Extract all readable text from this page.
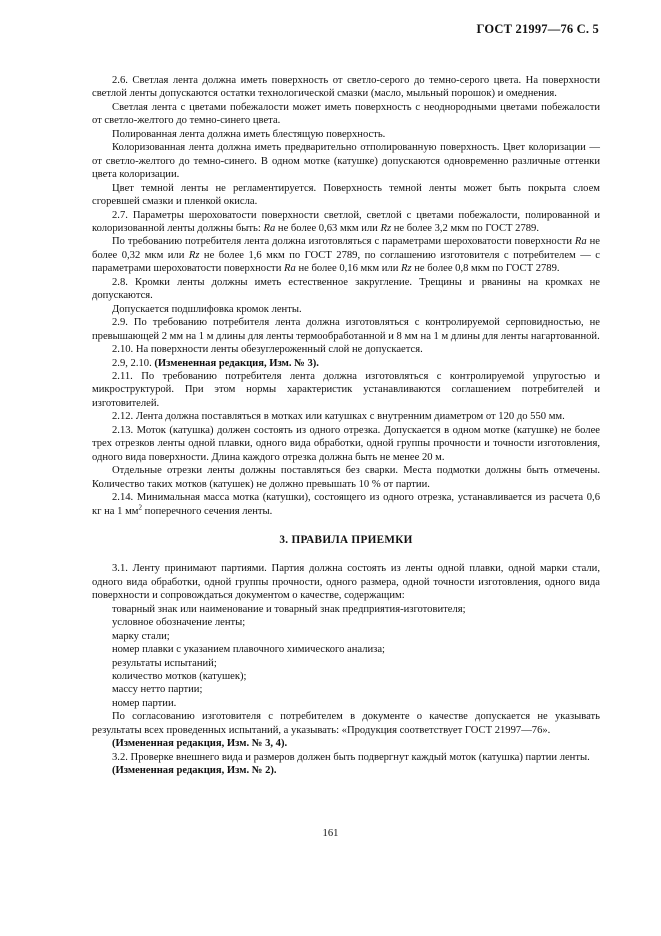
ГОСТ 21997—76 С. 5

2.6. Светлая лента должна иметь поверхность от светло-серого до темно-серого цвета. На поверхности светлой ленты допускаются остатки технологической смазки (масло, мыльный порошок) и омеднения.

Светлая лента с цветами побежалости может иметь поверхность с неоднородными цветами побежалости от светло-желтого до темно-синего цвета.

Полированная лента должна иметь блестящую поверхность.

Колоризованная лента должна иметь предварительно отполированную поверхность. Цвет колоризации — от светло-желтого до темно-синего. В одном мотке (катушке) допускаются одновременно различные оттенки цвета колоризации.

Цвет темной ленты не регламентируется. Поверхность темной ленты может быть покрыта слоем сгоревшей смазки и пленкой окисла.

2.7. Параметры шероховатости поверхности светлой, светлой с цветами побежалости, полированной и колоризованной ленты должны быть: Ra не более 0,63 мкм или Rz не более 3,2 мкм по ГОСТ 2789.

По требованию потребителя лента должна изготовляться с параметрами шероховатости поверхности Ra не более 0,32 мкм или Rz не более 1,6 мкм по ГОСТ 2789, по соглашению изготовителя с потребителем — с параметрами шероховатости поверхности Ra не более 0,16 мкм или Rz не более 0,8 мкм по ГОСТ 2789.

2.8. Кромки ленты должны иметь естественное закругление. Трещины и рванины на кромках не допускаются.

Допускается подшлифовка кромок ленты.

2.9. По требованию потребителя лента должна изготовляться с контролируемой серповидностью, не превышающей 2 мм на 1 м длины для ленты термообработанной и 8 мм на 1 м длины для ленты нагартованной.

2.10. На поверхности ленты обезуглероженный слой не допускается.

2.9, 2.10. (Измененная редакция, Изм. № 3).

2.11. По требованию потребителя лента должна изготовляться с контролируемой упругостью и микроструктурой. При этом нормы характеристик устанавливаются соглашением потребителей и изготовителей.

2.12. Лента должна поставляться в мотках или катушках с внутренним диаметром от 120 до 550 мм.

2.13. Моток (катушка) должен состоять из одного отрезка. Допускается в одном мотке (катушке) не более трех отрезков ленты одной плавки, одного вида обработки, одной группы прочности и точности изготовления, одного вида поверхности. Длина каждого отрезка должна быть не менее 20 м.

Отдельные отрезки ленты должны поставляться без сварки. Места подмотки должны быть отмечены. Количество таких мотков (катушек) не должно превышать 10 % от партии.

2.14. Минимальная масса мотка (катушки), состоящего из одного отрезка, устанавливается из расчета 0,6 кг на 1 $мм^2$ поперечного сечения ленты.

3. ПРАВИЛА ПРИЕМКИ

3.1. Ленту принимают партиями. Партия должна состоять из ленты одной плавки, одной марки стали, одного вида обработки, одной группы прочности, одного размера, одной точности изготовления, одного вида поверхности и сопровождаться документом о качестве, содержащим:

товарный знак или наименование и товарный знак предприятия-изготовителя;

условное обозначение ленты;

марку стали;

номер плавки с указанием плавочного химического анализа;

результаты испытаний;

количество мотков (катушек);

массу нетто партии;

номер партии.

По согласованию изготовителя с потребителем в документе о качестве допускается не указывать результаты всех проведенных испытаний, а указывать: «Продукция соответствует ГОСТ 21997—76».

(Измененная редакция, Изм. № 3, 4).

3.2. Проверке внешнего вида и размеров должен быть подвергнут каждый моток (катушка) партии ленты.

(Измененная редакция, Изм. № 2).

161
